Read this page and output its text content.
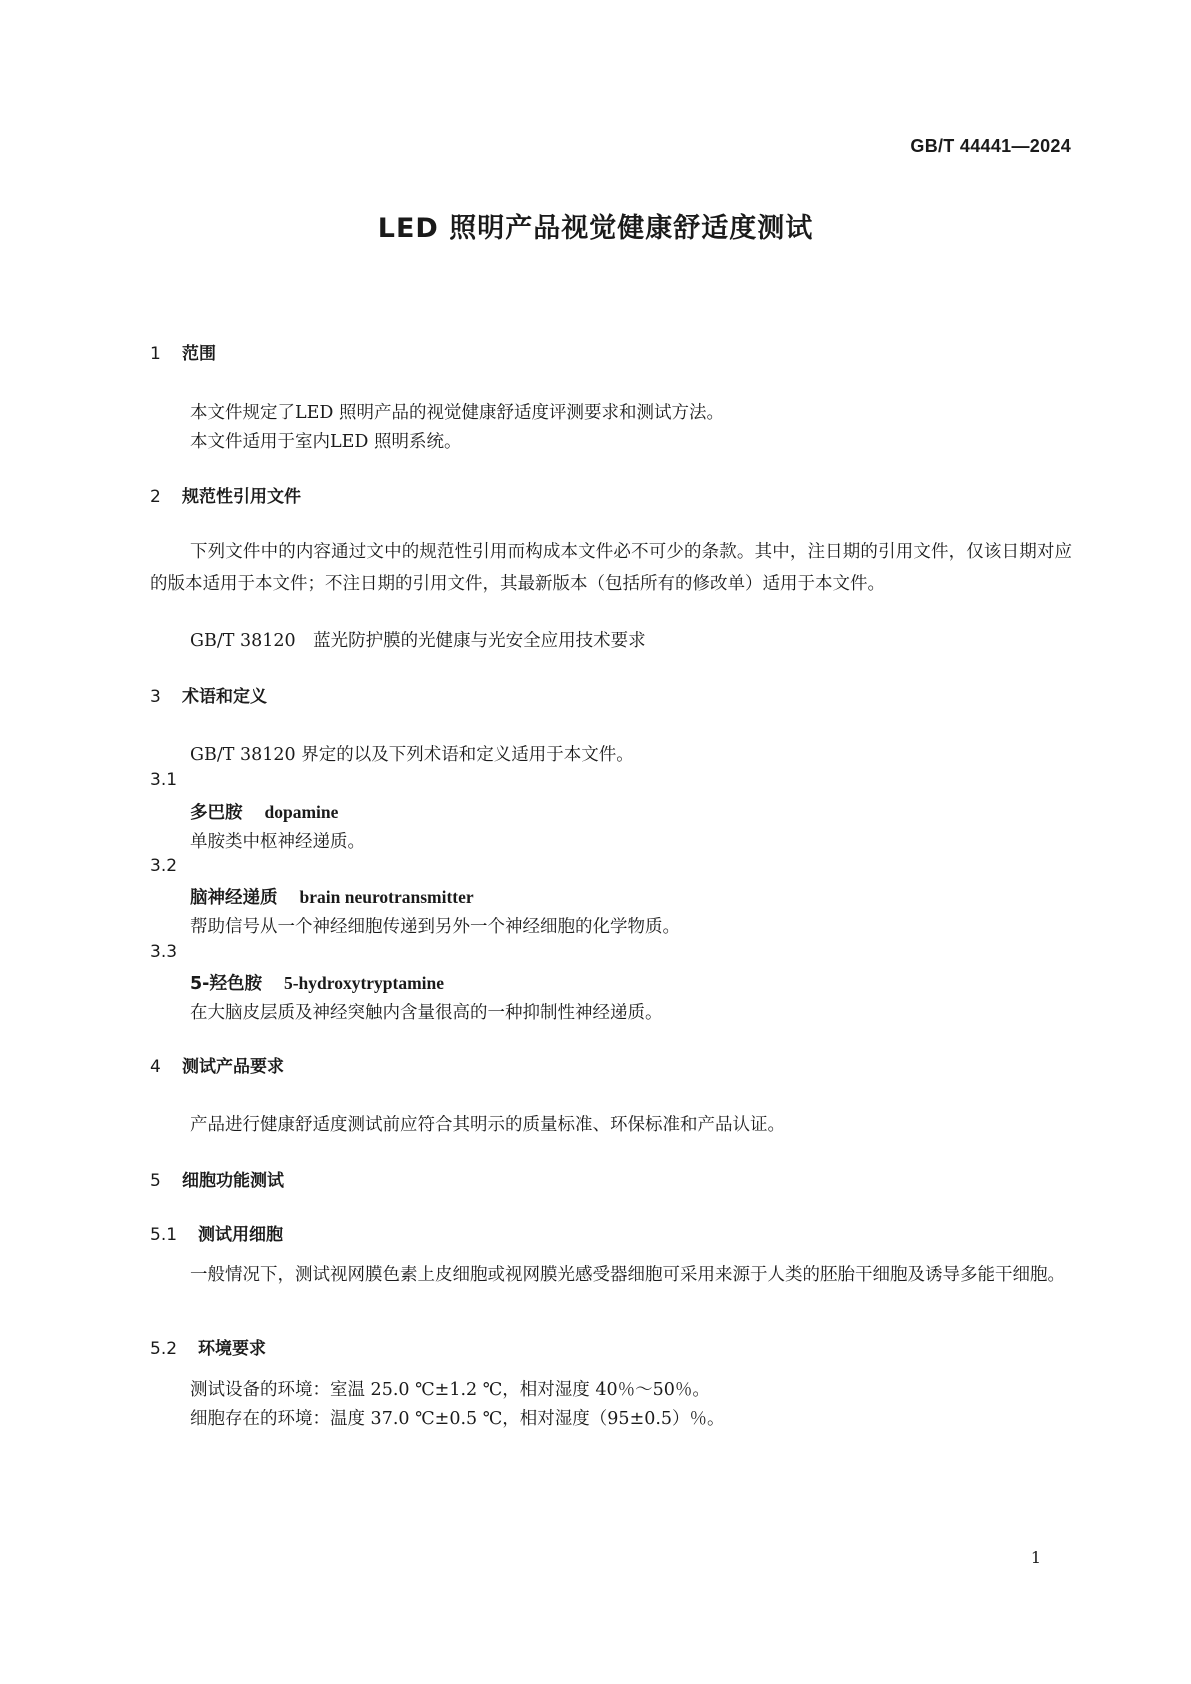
GB/T 44441—2024
LED 照明产品视觉健康舒适度测试
1 范围
本文件规定了LED 照明产品的视觉健康舒适度评测要求和测试方法。
本文件适用于室内LED 照明系统。
2 规范性引用文件
下列文件中的内容通过文中的规范性引用而构成本文件必不可少的条款。其中，注日期的引用文件，仅该日期对应的版本适用于本文件；不注日期的引用文件，其最新版本（包括所有的修改单）适用于本文件。
GB/T 38120　蓝光防护膜的光健康与光安全应用技术要求
3 术语和定义
GB/T 38120 界定的以及下列术语和定义适用于本文件。
3.1
多巴胺 dopamine
单胺类中枢神经递质。
3.2
脑神经递质 brain neurotransmitter
帮助信号从一个神经细胞传递到另外一个神经细胞的化学物质。
3.3
5-羟色胺 5-hydroxytryptamine
在大脑皮层质及神经突触内含量很高的一种抑制性神经递质。
4 测试产品要求
产品进行健康舒适度测试前应符合其明示的质量标准、环保标准和产品认证。
5 细胞功能测试
5.1 测试用细胞
一般情况下，测试视网膜色素上皮细胞或视网膜光感受器细胞可采用来源于人类的胚胎干细胞及诱导多能干细胞。
5.2 环境要求
测试设备的环境：室温 25.0 ℃±1.2 ℃，相对湿度 40％～50％。
细胞存在的环境：温度 37.0 ℃±0.5 ℃，相对湿度（95±0.5）％。
1
